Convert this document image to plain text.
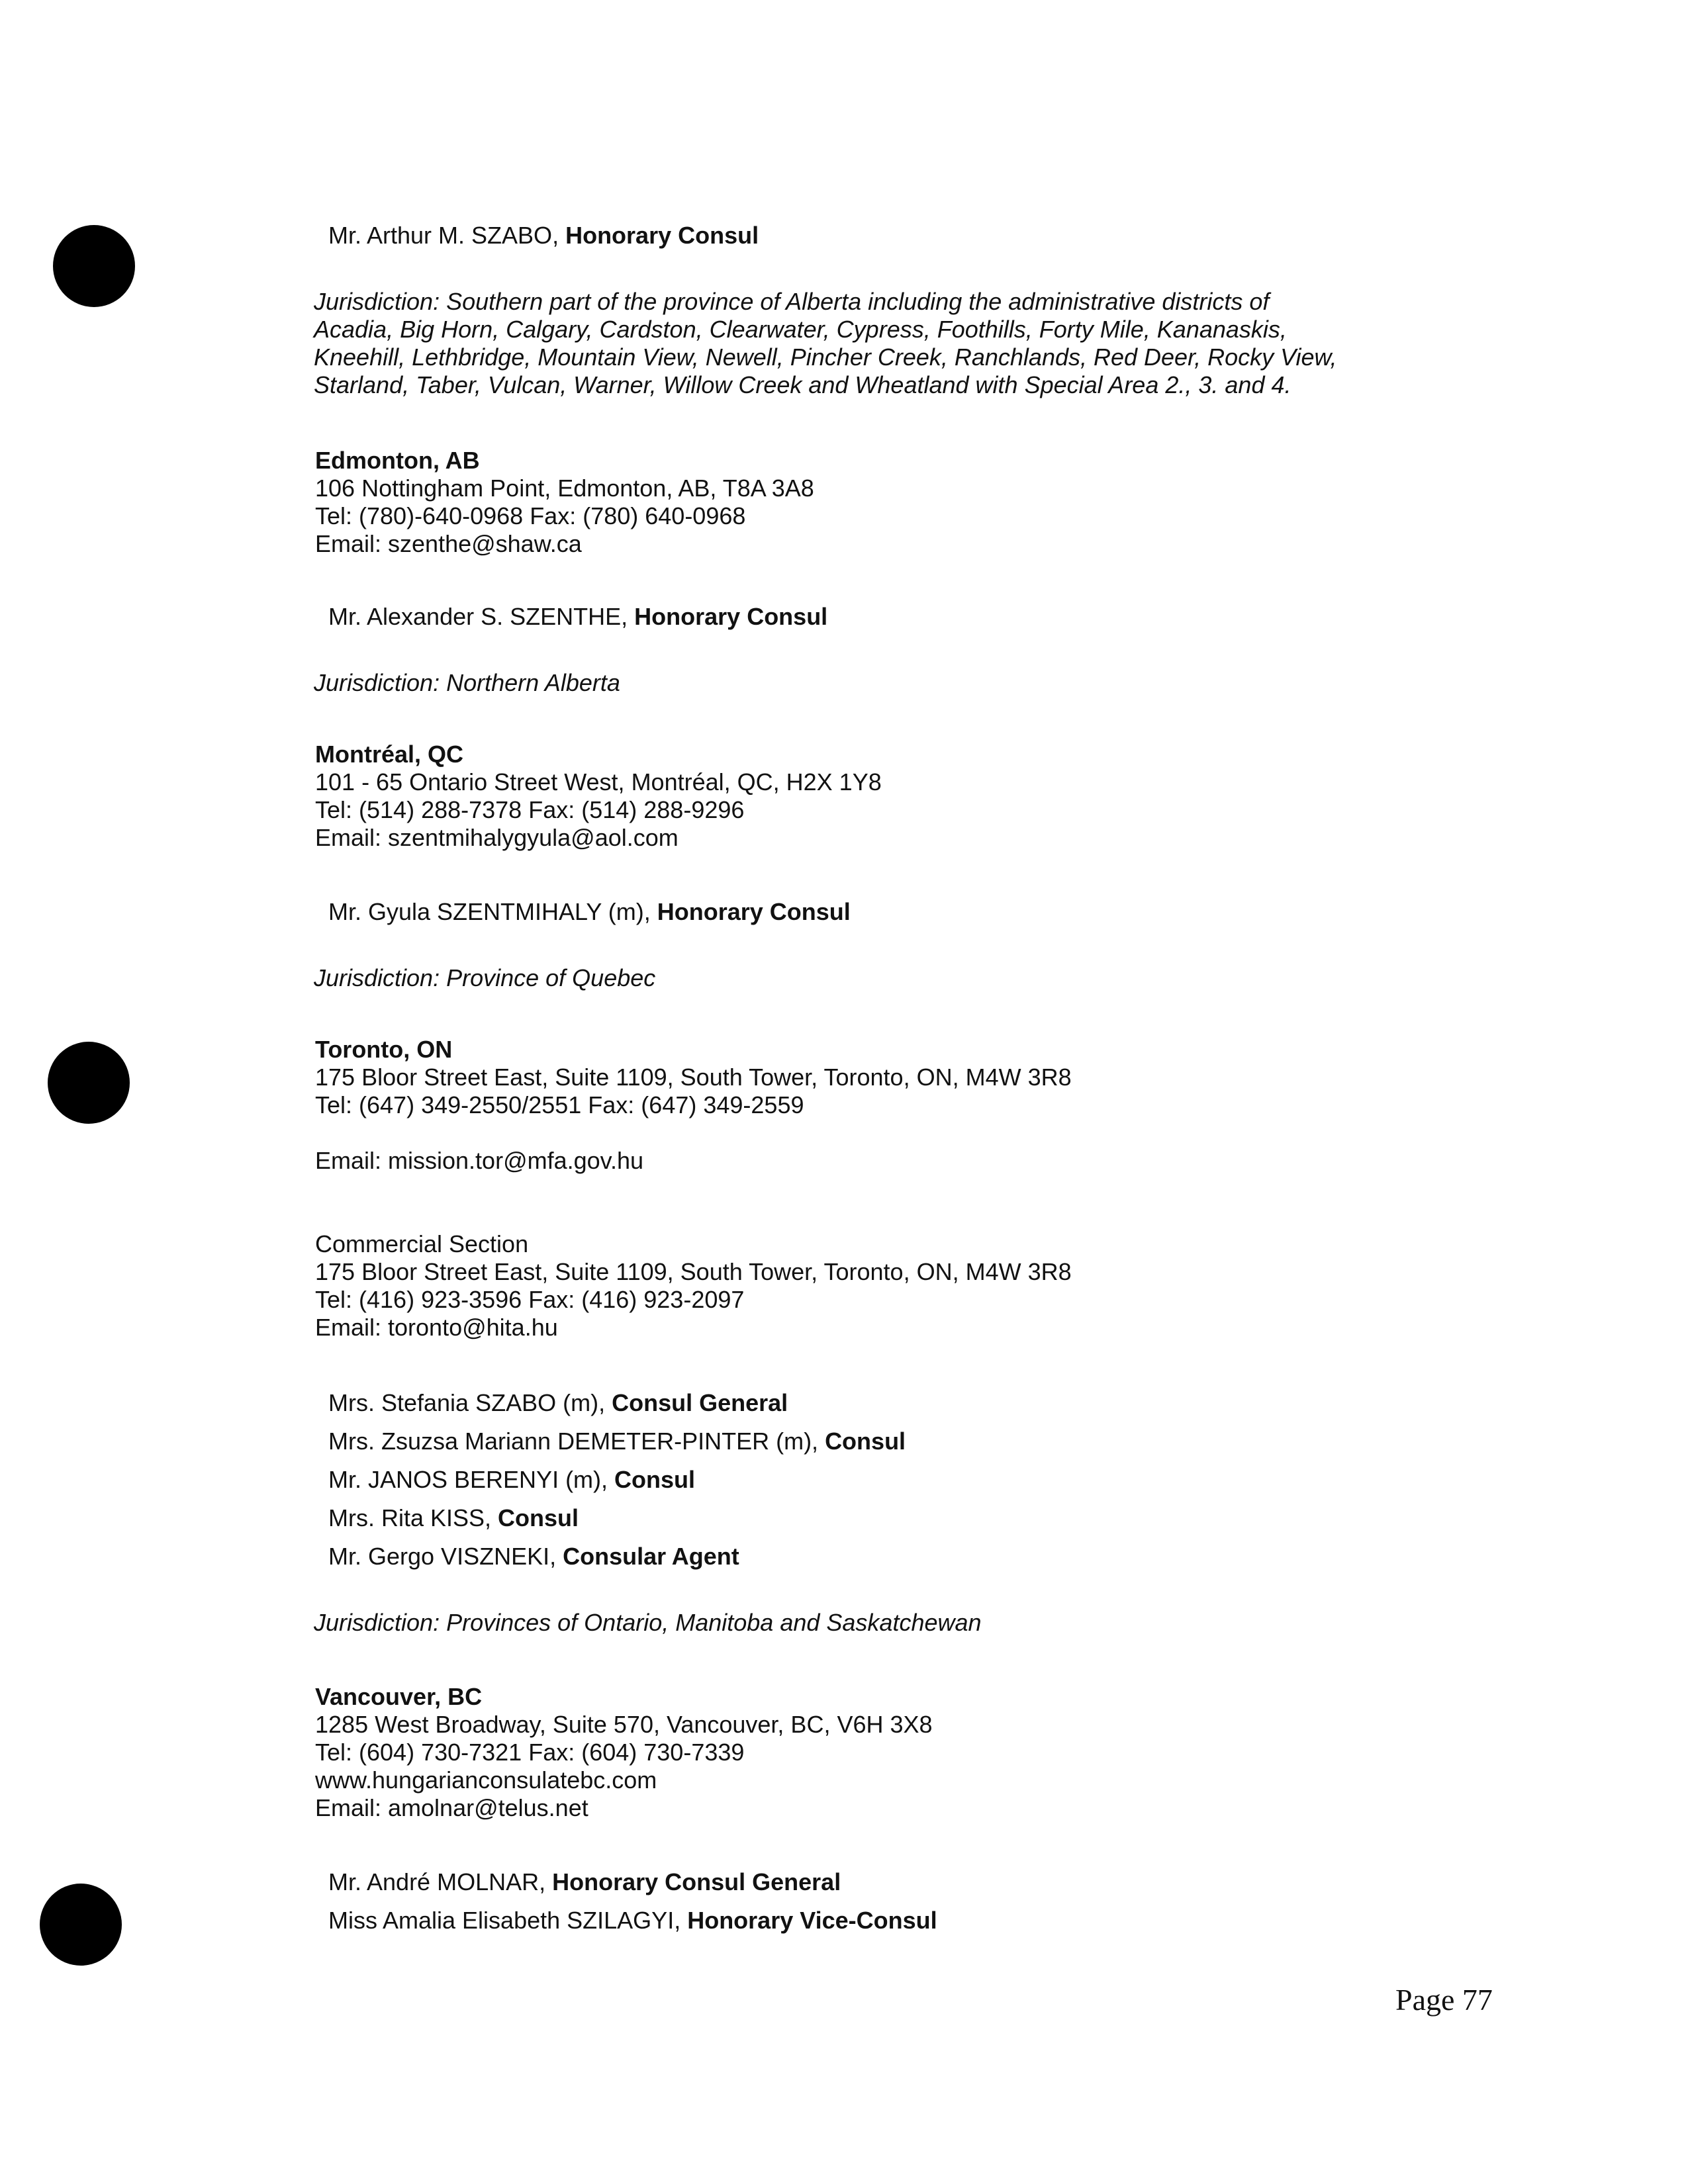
Mr. Arthur M. SZABO, Honorary Consul

Jurisdiction: Southern part of the province of Alberta including the administrative districts of

Acadia, Big Horn, Calgary, Cardston, Clearwater, Cypress, Foothills, Forty Mile, Kananaskis,

Kneehill, Lethbridge, Mountain View, Newell, Pincher Creek, Ranchlands, Red Deer, Rocky View,

Starland, Taber, Vulcan, Warner, Willow Creek and Wheatland with Special Area 2., 3. and 4.

Edmonton, AB

106 Nottingham Point, Edmonton, AB, T8A 3A8

Tel: (780)-640-0968 Fax: (780) 640-0968

Email: szenthe@shaw.ca

Mr. Alexander S. SZENTHE, Honorary Consul

Jurisdiction: Northern Alberta

Montréal, QC

101 - 65 Ontario Street West, Montréal, QC, H2X 1Y8

Tel: (514) 288-7378 Fax: (514) 288-9296

Email: szentmihalygyula@aol.com

Mr. Gyula SZENTMIHALY (m), Honorary Consul

Jurisdiction: Province of Quebec

Toronto, ON

175 Bloor Street East, Suite 1109, South Tower, Toronto, ON, M4W 3R8

Tel: (647) 349-2550/2551 Fax: (647) 349-2559

Email: mission.tor@mfa.gov.hu

Commercial Section

175 Bloor Street East, Suite 1109, South Tower, Toronto, ON, M4W 3R8

Tel: (416) 923-3596 Fax: (416) 923-2097

Email: toronto@hita.hu

Mrs. Stefania SZABO (m), Consul General

Mrs. Zsuzsa Mariann DEMETER-PINTER (m), Consul

Mr. JANOS BERENYI (m), Consul

Mrs. Rita KISS, Consul

Mr. Gergo VISZNEKI, Consular Agent

Jurisdiction: Provinces of Ontario, Manitoba and Saskatchewan

Vancouver, BC

1285 West Broadway, Suite 570, Vancouver, BC, V6H 3X8

Tel: (604) 730-7321 Fax: (604) 730-7339

www.hungarianconsulatebc.com

Email: amolnar@telus.net

Mr. André MOLNAR, Honorary Consul General

Miss Amalia Elisabeth SZILAGYI, Honorary Vice-Consul

Page 77
